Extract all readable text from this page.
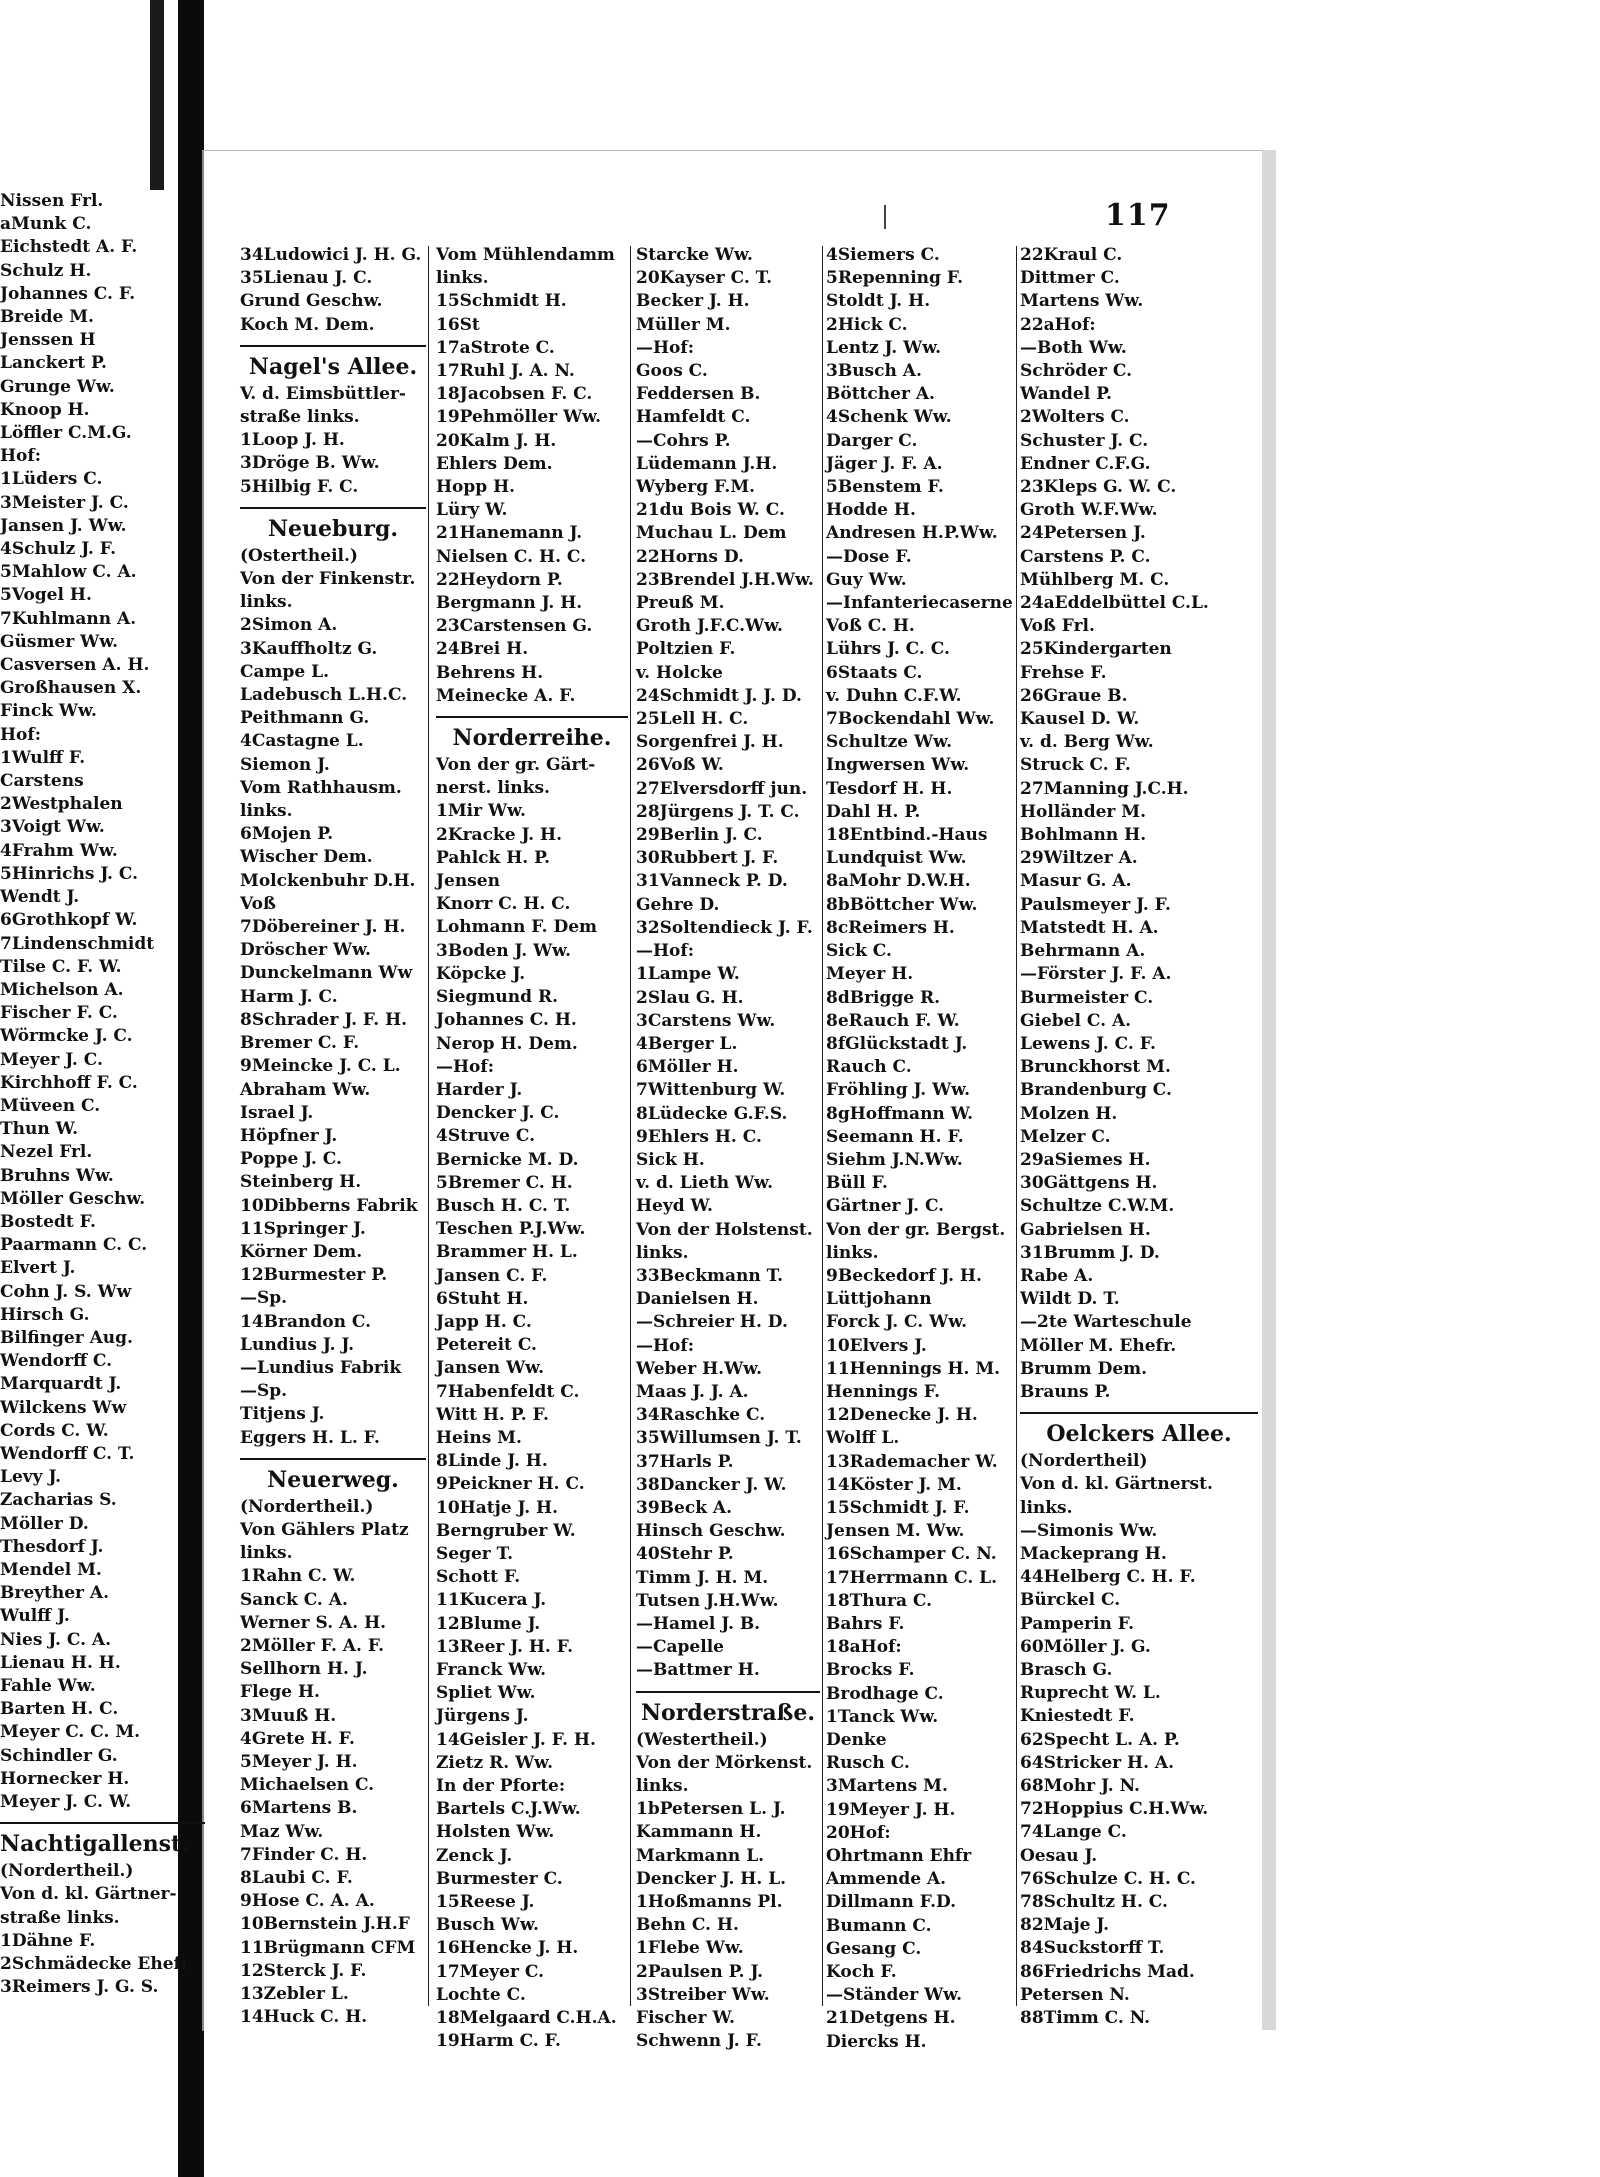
117
Nissen Frl.
aMunk C.
Eichstedt A. F.
Schulz H.
Johannes C. F.
Breide M.
Jenssen H
Lanckert P.
Grunge Ww.
Knoop H.
Löffler C.M.G.
Hof:
1Lüders C.
3Meister J. C.
Jansen J. Ww.
4Schulz J. F.
5Mahlow C. A.
5Vogel H.
7Kuhlmann A.
Güsmer Ww.
Casversen A. H.
Großhausen X.
Finck Ww.
Hof:
1Wulff F.
Carstens
2Westphalen
3Voigt Ww.
4Frahm Ww.
5Hinrichs J. C.
Wendt J.
6Grothkopf W.
7Lindenschmidt
Tilse C. F. W.
Michelson A.
Fischer F. C.
Wörmcke J. C.
Meyer J. C.
Kirchhoff F. C.
Müveen C.
Thun W.
Nezel Frl.
Bruhns Ww.
Möller Geschw.
Bostedt F.
Paarmann C. C.
Elvert J.
Cohn J. S. Ww
Hirsch G.
Bilfinger Aug.
Wendorff C.
Marquardt J.
Wilckens Ww
Cords C. W.
Wendorff C. T.
Levy J.
Zacharias S.
Möller D.
Thesdorf J.
Mendel M.
Breyther A.
Wulff J.
Nies J. C. A.
Lienau H. H.
Fahle Ww.
Barten H. C.
Meyer C. C. M.
Schindler G.
Hornecker H.
Meyer J. C. W.
Nachtigallenst.
(Nordertheil.)
Von d. kl. Gärtner-
straße links.
1Dähne F.
2Schmädecke Ehefr
3Reimers J. G. S.
34Ludowici J. H. G.
35Lienau J. C.
Grund Geschw.
Koch M. Dem.
Nagel's Allee.
V. d. Eimsbüttler-
straße links.
1Loop J. H.
3Dröge B. Ww.
5Hilbig F. C.
Neueburg.
(Ostertheil.)
Von der Finkenstr.
links.
2Simon A.
3Kauffholtz G.
Campe L.
Ladebusch L.H.C.
Peithmann G.
4Castagne L.
Siemon J.
Vom Rathhausm.
links.
6Mojen P.
Wischer Dem.
Molckenbuhr D.H.
Voß
7Döbereiner J. H.
Dröscher Ww.
Dunckelmann Ww
Harm J. C.
8Schrader J. F. H.
Bremer C. F.
9Meincke J. C. L.
Abraham Ww.
Israel J.
Höpfner J.
Poppe J. C.
Steinberg H.
10Dibberns Fabrik
11Springer J.
Körner Dem.
12Burmester P.
—Sp.
14Brandon C.
Lundius J. J.
—Lundius Fabrik
—Sp.
Titjens J.
Eggers H. L. F.
Neuerweg.
(Nordertheil.)
Von Gählers Platz
links.
1Rahn C. W.
Sanck C. A.
Werner S. A. H.
2Möller F. A. F.
Sellhorn H. J.
Flege H.
3Muuß H.
4Grete H. F.
5Meyer J. H.
Michaelsen C.
6Martens B.
Maz Ww.
7Finder C. H.
8Laubi C. F.
9Hose C. A. A.
10Bernstein J.H.F
11Brügmann CFM
12Sterck J. F.
13Zebler L.
14Huck C. H.
Vom Mühlendamm
links.
15Schmidt H.
16St
17aStrote C.
17Ruhl J. A. N.
18Jacobsen F. C.
19Pehmöller Ww.
20Kalm J. H.
Ehlers Dem.
Hopp H.
Lüry W.
21Hanemann J.
Nielsen C. H. C.
22Heydorn P.
Bergmann J. H.
23Carstensen G.
24Brei H.
Behrens H.
Meinecke A. F.
Norderreihe.
Von der gr. Gärt-
nerst. links.
1Mir Ww.
2Kracke J. H.
Pahlck H. P.
Jensen
Knorr C. H. C.
Lohmann F. Dem
3Boden J. Ww.
Köpcke J.
Siegmund R.
Johannes C. H.
Nerop H. Dem.
—Hof:
Harder J.
Dencker J. C.
4Struve C.
Bernicke M. D.
5Bremer C. H.
Busch H. C. T.
Teschen P.J.Ww.
Brammer H. L.
Jansen C. F.
6Stuht H.
Japp H. C.
Petereit C.
Jansen Ww.
7Habenfeldt C.
Witt H. P. F.
Heins M.
8Linde J. H.
9Peickner H. C.
10Hatje J. H.
Berngruber W.
Seger T.
Schott F.
11Kucera J.
12Blume J.
13Reer J. H. F.
Franck Ww.
Spliet Ww.
Jürgens J.
14Geisler J. F. H.
Zietz R. Ww.
In der Pforte:
Bartels C.J.Ww.
Holsten Ww.
Zenck J.
Burmester C.
15Reese J.
Busch Ww.
16Hencke J. H.
17Meyer C.
Lochte C.
18Melgaard C.H.A.
19Harm C. F.
Starcke Ww.
20Kayser C. T.
Becker J. H.
Müller M.
—Hof:
Goos C.
Feddersen B.
Hamfeldt C.
—Cohrs P.
Lüdemann J.H.
Wyberg F.M.
21du Bois W. C.
Muchau L. Dem
22Horns D.
23Brendel J.H.Ww.
Preuß M.
Groth J.F.C.Ww.
Poltzien F.
v. Holcke
24Schmidt J. J. D.
25Lell H. C.
Sorgenfrei J. H.
26Voß W.
27Elversdorff jun.
28Jürgens J. T. C.
29Berlin J. C.
30Rubbert J. F.
31Vanneck P. D.
Gehre D.
32Soltendieck J. F.
—Hof:
1Lampe W.
2Slau G. H.
3Carstens Ww.
4Berger L.
6Möller H.
7Wittenburg W.
8Lüdecke G.F.S.
9Ehlers H. C.
Sick H.
v. d. Lieth Ww.
Heyd W.
Von der Holstenst.
links.
33Beckmann T.
Danielsen H.
—Schreier H. D.
—Hof:
Weber H.Ww.
Maas J. J. A.
34Raschke C.
35Willumsen J. T.
37Harls P.
38Dancker J. W.
39Beck A.
Hinsch Geschw.
40Stehr P.
Timm J. H. M.
Tutsen J.H.Ww.
—Hamel J. B.
—Capelle
—Battmer H.
Norderstraße.
(Westertheil.)
Von der Mörkenst.
links.
1bPetersen L. J.
Kammann H.
Markmann L.
Dencker J. H. L.
1Hoßmanns Pl.
Behn C. H.
1Flebe Ww.
2Paulsen P. J.
3Streiber Ww.
Fischer W.
Schwenn J. F.
4Siemers C.
5Repenning F.
Stoldt J. H.
2Hick C.
Lentz J. Ww.
3Busch A.
Böttcher A.
4Schenk Ww.
Darger C.
Jäger J. F. A.
5Benstem F.
Hodde H.
Andresen H.P.Ww.
—Dose F.
Guy Ww.
—Infanteriecaserne
Voß C. H.
Lührs J. C. C.
6Staats C.
v. Duhn C.F.W.
7Bockendahl Ww.
Schultze Ww.
Ingwersen Ww.
Tesdorf H. H.
Dahl H. P.
18Entbind.-Haus
Lundquist Ww.
8aMohr D.W.H.
8bBöttcher Ww.
8cReimers H.
Sick C.
Meyer H.
8dBrigge R.
8eRauch F. W.
8fGlückstadt J.
Rauch C.
Fröhling J. Ww.
8gHoffmann W.
Seemann H. F.
Siehm J.N.Ww.
Büll F.
Gärtner J. C.
Von der gr. Bergst.
links.
9Beckedorf J. H.
Lüttjohann
Forck J. C. Ww.
10Elvers J.
11Hennings H. M.
Hennings F.
12Denecke J. H.
Wolff L.
13Rademacher W.
14Köster J. M.
15Schmidt J. F.
Jensen M. Ww.
16Schamper C. N.
17Herrmann C. L.
18Thura C.
Bahrs F.
18aHof:
Brocks F.
Brodhage C.
1Tanck Ww.
Denke
Rusch C.
3Martens M.
19Meyer J. H.
20Hof:
Ohrtmann Ehfr
Ammende A.
Dillmann F.D.
Bumann C.
Gesang C.
Koch F.
—Ständer Ww.
21Detgens H.
Diercks H.
22Kraul C.
Dittmer C.
Martens Ww.
22aHof:
—Both Ww.
Schröder C.
Wandel P.
2Wolters C.
Schuster J. C.
Endner C.F.G.
23Kleps G. W. C.
Groth W.F.Ww.
24Petersen J.
Carstens P. C.
Mühlberg M. C.
24aEddelbüttel C.L.
Voß Frl.
25Kindergarten
Frehse F.
26Graue B.
Kausel D. W.
v. d. Berg Ww.
Struck C. F.
27Manning J.C.H.
Holländer M.
Bohlmann H.
29Wiltzer A.
Masur G. A.
Paulsmeyer J. F.
Matstedt H. A.
Behrmann A.
—Förster J. F. A.
Burmeister C.
Giebel C. A.
Lewens J. C. F.
Brunckhorst M.
Brandenburg C.
Molzen H.
Melzer C.
29aSiemes H.
30Gättgens H.
Schultze C.W.M.
Gabrielsen H.
31Brumm J. D.
Rabe A.
Wildt D. T.
—2te Warteschule
Möller M. Ehefr.
Brumm Dem.
Brauns P.
Oelckers Allee.
(Nordertheil)
Von d. kl. Gärtnerst.
links.
—Simonis Ww.
Mackeprang H.
44Helberg C. H. F.
Bürckel C.
Pamperin F.
60Möller J. G.
Brasch G.
Ruprecht W. L.
Kniestedt F.
62Specht L. A. P.
64Stricker H. A.
68Mohr J. N.
72Hoppius C.H.Ww.
74Lange C.
Oesau J.
76Schulze C. H. C.
78Schultz H. C.
82Maje J.
84Suckstorff T.
86Friedrichs Mad.
Petersen N.
88Timm C. N.
